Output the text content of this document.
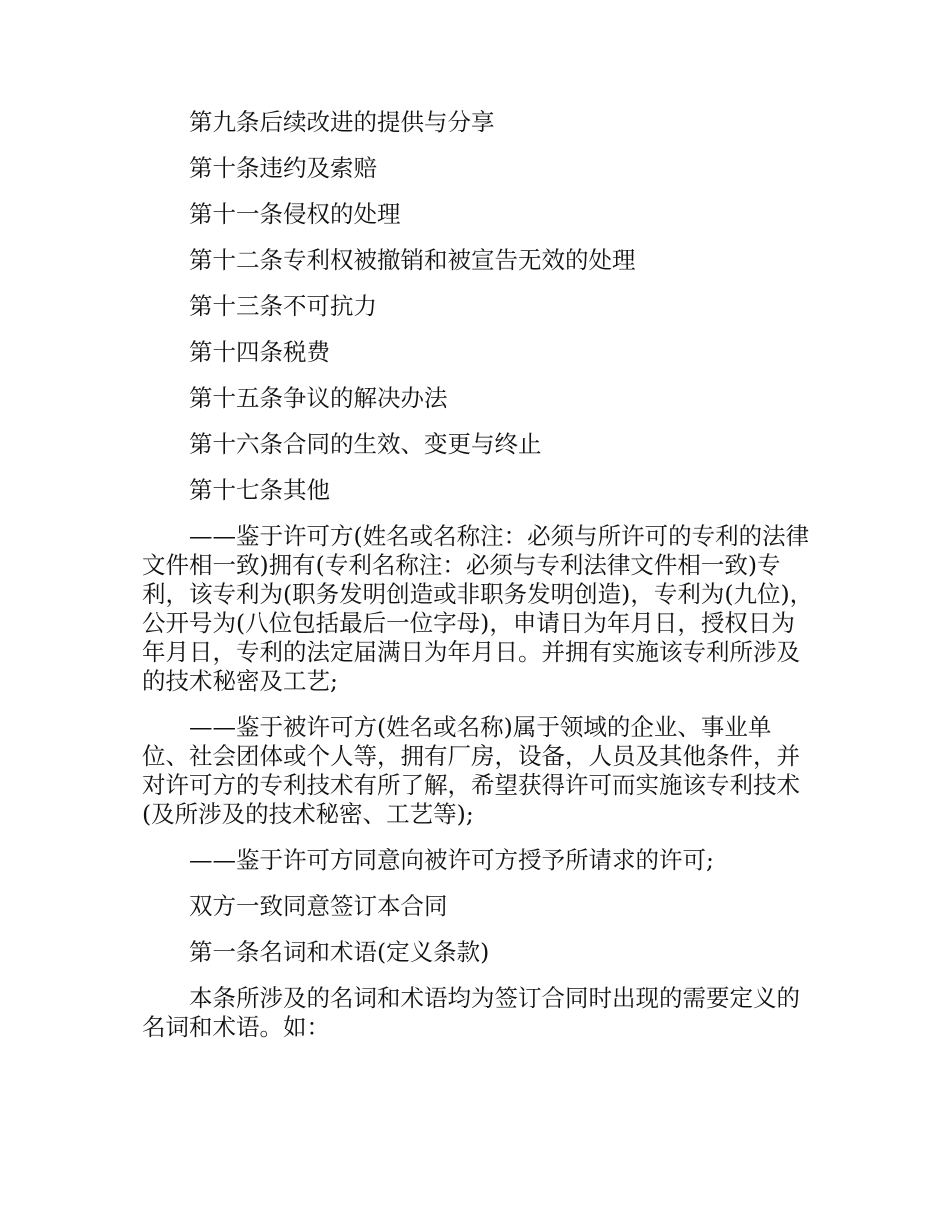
第九条后续改进的提供与分享

第十条违约及索赔

第十一条侵权的处理

第十二条专利权被撤销和被宣告无效的处理

第十三条不可抗力

第十四条税费

第十五条争议的解决办法

第十六条合同的生效、变更与终止

第十七条其他

——鉴于许可方(姓名或名称注：必须与所许可的专利的法律文件相一致)拥有(专利名称注：必须与专利法律文件相一致)专利，该专利为(职务发明创造或非职务发明创造)，专利为(九位)，公开号为(八位包括最后一位字母)，申请日为年月日，授权日为年月日，专利的法定届满日为年月日。并拥有实施该专利所涉及的技术秘密及工艺;

——鉴于被许可方(姓名或名称)属于领域的企业、事业单位、社会团体或个人等，拥有厂房，设备，人员及其他条件，并对许可方的专利技术有所了解，希望获得许可而实施该专利技术(及所涉及的技术秘密、工艺等);

——鉴于许可方同意向被许可方授予所请求的许可;

双方一致同意签订本合同

第一条名词和术语(定义条款)

本条所涉及的名词和术语均为签订合同时出现的需要定义的名词和术语。如：
